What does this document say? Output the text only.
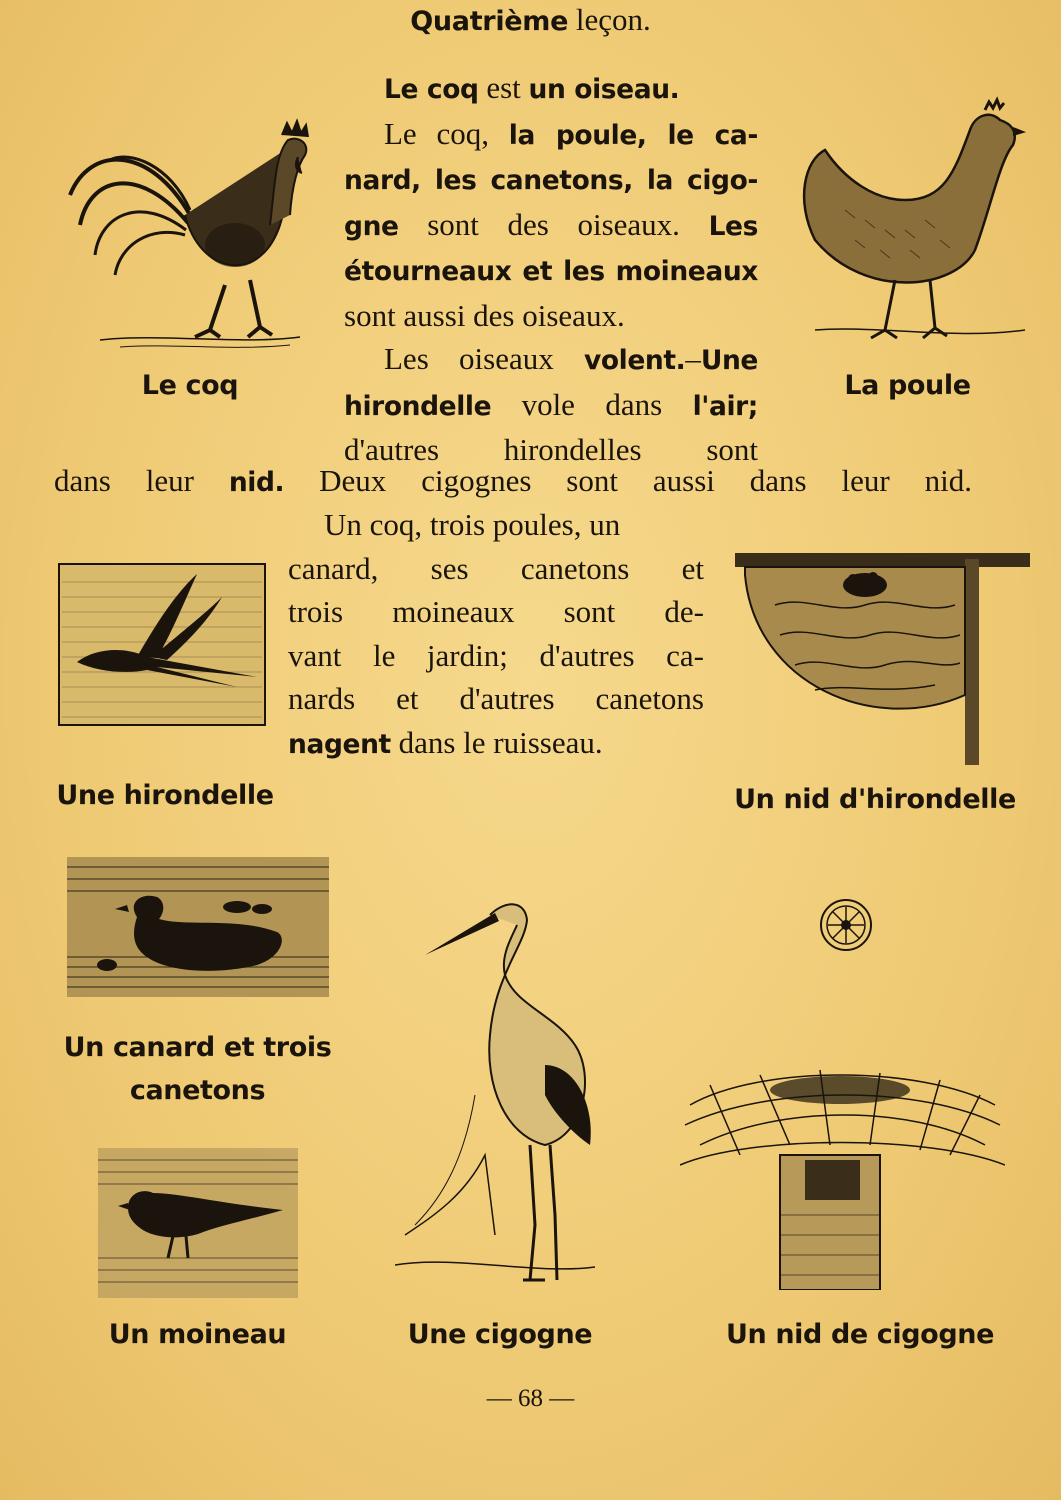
Quatrième leçon.
Le coq est un oiseau.
Le coq, la poule, le ca-
nard, les canetons, la cigo-
gne sont des oiseaux. Les
étourneaux et les moineaux
sont aussi des oiseaux.
Les oiseaux volent.–Une
hirondelle vole dans l'air;
d'autres hirondelles sont
dans leur nid. Deux cigognes sont aussi dans leur nid.
Un coq, trois poules, un
canard, ses canetons et
trois moineaux sont de-
vant le jardin; d'autres ca-
nards et d'autres canetons
nagent dans le ruisseau.
Le coq	La poule
Une hirondelle	Un nid d'hirondelle
Un canard et trois
canetons
Un moineau	Une cigogne	Un nid de cigogne
— 68 —
